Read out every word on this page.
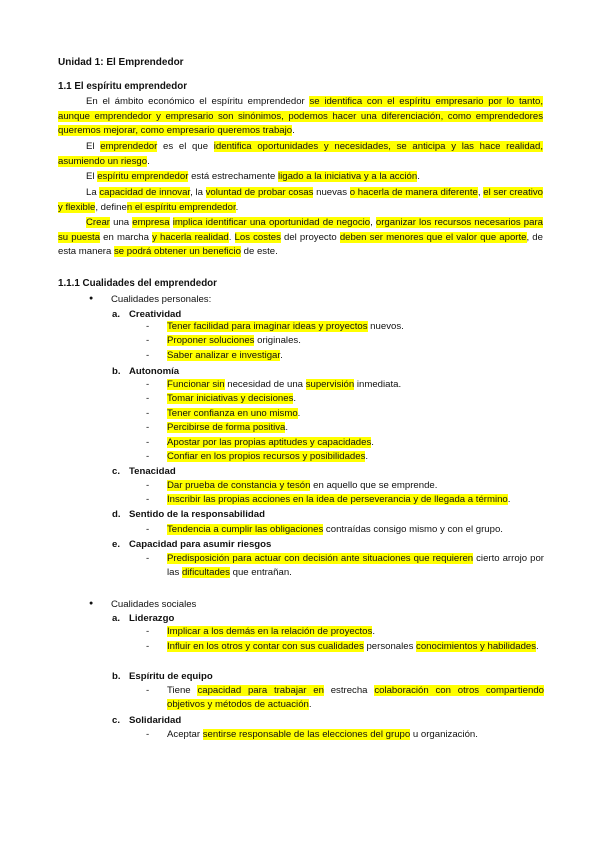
Unidad 1: El Emprendedor
1.1 El espíritu emprendedor
En el ámbito económico el espíritu emprendedor se identifica con el espíritu empresario por lo tanto, aunque emprendedor y empresario son sinónimos, podemos hacer una diferenciación, como emprendedores queremos mejorar, como empresario queremos trabajo.
El emprendedor es el que identifica oportunidades y necesidades, se anticipa y las hace realidad, asumiendo un riesgo.
El espíritu emprendedor está estrechamente ligado a la iniciativa y a la acción.
La capacidad de innovar, la voluntad de probar cosas nuevas o hacerla de manera diferente, el ser creativo y flexible, definen el espíritu emprendedor.
Crear una empresa implica identificar una oportunidad de negocio, organizar los recursos necesarios para su puesta en marcha y hacerla realidad. Los costes del proyecto deben ser menores que el valor que aporte, de esta manera se podrá obtener un beneficio de este.
1.1.1 Cualidades del emprendedor
● Cualidades personales:
a. Creatividad
- Tener facilidad para imaginar ideas y proyectos nuevos.
- Proponer soluciones originales.
- Saber analizar e investigar.
b. Autonomía
- Funcionar sin necesidad de una supervisión inmediata.
- Tomar iniciativas y decisiones.
- Tener confianza en uno mismo.
- Percibirse de forma positiva.
- Apostar por las propias aptitudes y capacidades.
- Confiar en los propios recursos y posibilidades.
c. Tenacidad
- Dar prueba de constancia y tesón en aquello que se emprende.
- Inscribir las propias acciones en la idea de perseverancia y de llegada a término.
d. Sentido de la responsabilidad
- Tendencia a cumplir las obligaciones contraídas consigo mismo y con el grupo.
e. Capacidad para asumir riesgos
- Predisposición para actuar con decisión ante situaciones que requieren cierto arrojo por las dificultades que entrañan.
● Cualidades sociales
a. Liderazgo
- Implicar a los demás en la relación de proyectos.
- Influir en los otros y contar con sus cualidades personales conocimientos y habilidades.
b. Espíritu de equipo
- Tiene capacidad para trabajar en estrecha colaboración con otros compartiendo objetivos y métodos de actuación.
c. Solidaridad
- Aceptar sentirse responsable de las elecciones del grupo u organización.
